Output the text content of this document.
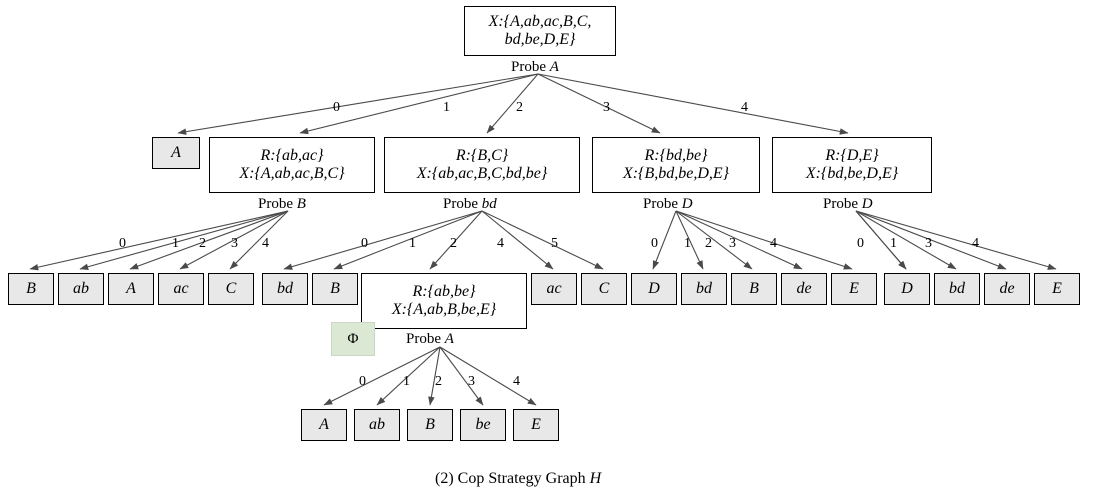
X:{A,ab,ac,B,C,
bd,be,D,E}
A	R:{ab,ac}
X:{A,ab,ac,B,C}
R:{B,C}
X:{ab,ac,B,C,bd,be}
R:{bd,be}
X:{B,bd,be,D,E}
R:{D,E}
X:{bd,be,D,E}
B ab A ac C	bd B	R:{ab,be}
X:{A,ab,B,be,E}
ac C D bd B de E	D bd de E
A	ab	B	be	E
Φ
Probe A
Probe B	Probe bd	Probe D	Probe D
Probe A
0	1	2	3	4
0	1 2 3 4	0	1 2	4	5	0 1 2 3 4	0 1 3	4
0	1 2 3	4
(2) Cop Strategy Graph H
